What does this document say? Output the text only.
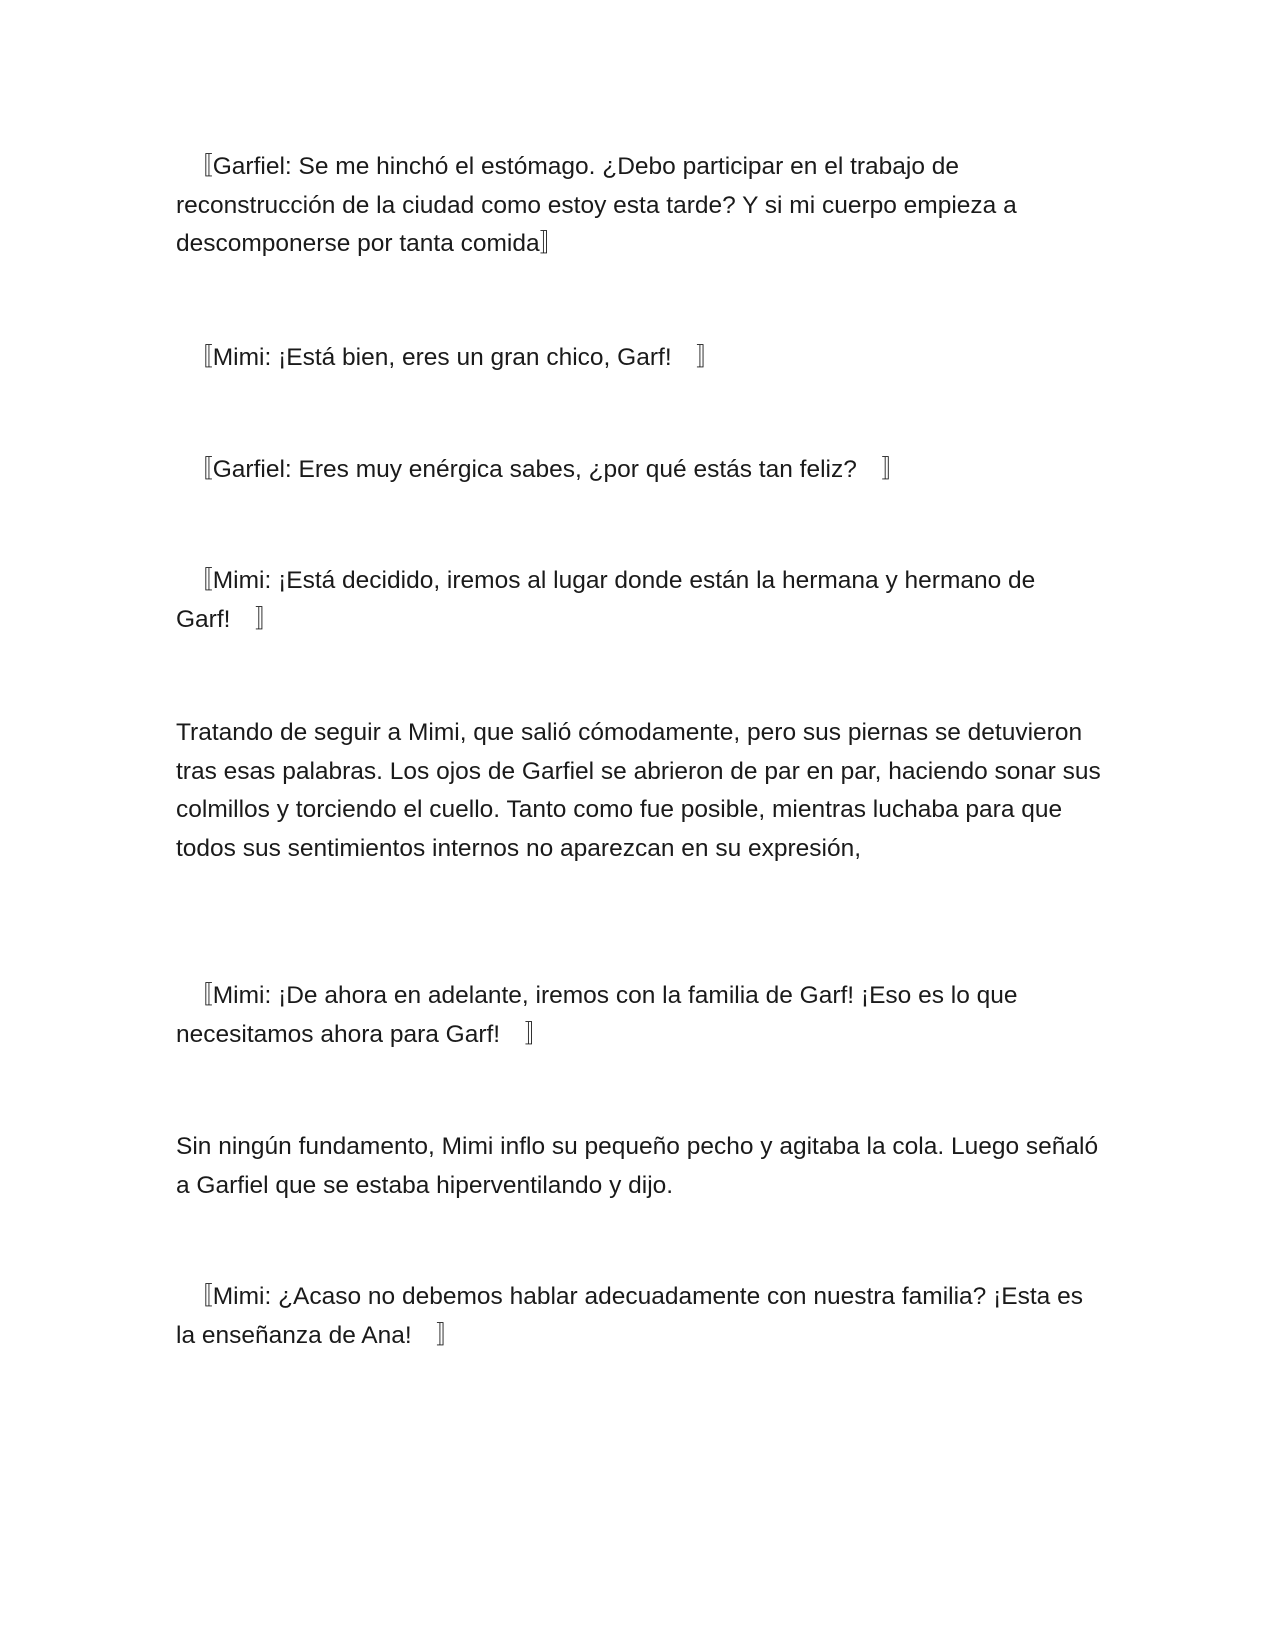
　〚Garfiel: Se me hinchó el estómago. ¿Debo participar en el trabajo de reconstrucción de la ciudad como estoy esta tarde? Y si mi cuerpo empieza a descomponerse por tanta comida〛

　〚Mimi: ¡Está bien, eres un gran chico, Garf!　〛

　〚Garfiel: Eres muy enérgica sabes, ¿por qué estás tan feliz?　〛

　〚Mimi: ¡Está decidido, iremos al lugar donde están la hermana y hermano de Garf!　〛

Tratando de seguir a Mimi, que salió cómodamente, pero sus piernas se detuvieron tras esas palabras. Los ojos de Garfiel se abrieron de par en par, haciendo sonar sus colmillos y torciendo el cuello. Tanto como fue posible, mientras luchaba para que todos sus sentimientos internos no aparezcan en su expresión,

　〚Mimi: ¡De ahora en adelante, iremos con la familia de Garf! ¡Eso es lo que necesitamos ahora para Garf!　〛

Sin ningún fundamento, Mimi inflo su pequeño pecho y agitaba la cola. Luego señaló a Garfiel que se estaba hiperventilando y dijo.

　〚Mimi: ¿Acaso no debemos hablar adecuadamente con nuestra familia? ¡Esta es la enseñanza de Ana!　〛
